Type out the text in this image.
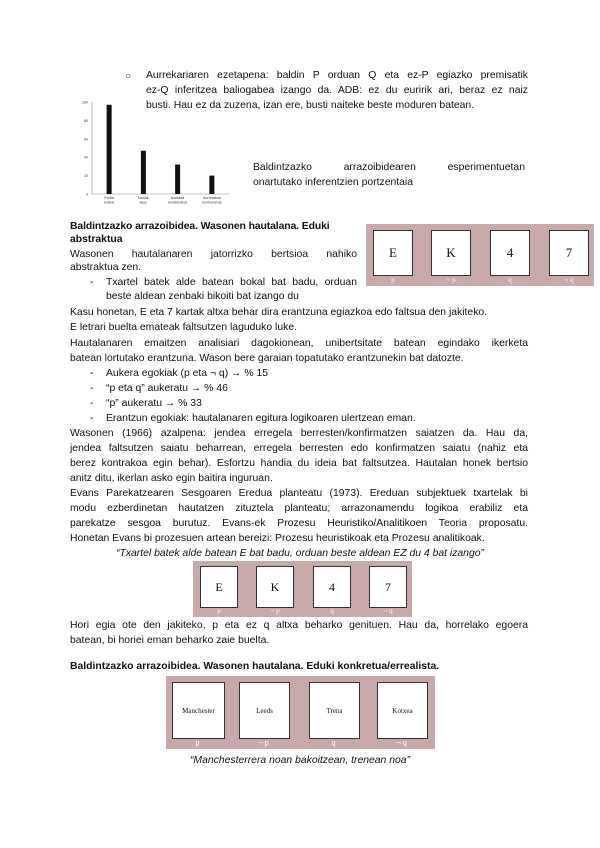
○ Aurrekariaren ezetapena: baldin P orduan Q eta ez-P egiazko premisatik
ez-Q inferitzea baliogabea izango da. ADB: ez du euririk ari, beraz ez naiz
busti. Hau ez da zuzena, izan ere, busti naiteke beste moduren batean.
0
20
40
60
80
100
Proba
erabat
Nahas
kasu
Aurkaria
kontsenzioa
Aurrerakoa
kontzenzioa
Baldintzazko arrazoibidearen esperimentuetan
onartutako inferentzien portzentaia
Baldintzazko arrazoibidea. Wasonen hautalana. Eduki
abstraktua
Wasonen hautalanaren jatorrizko bertsioa nahiko
abstraktua zen.
- Txartel batek alde batean bokal bat badu, orduan
beste aldean zenbaki bikoiti bat izango du
E	K	4	7
p	¬ p	q	¬ q
Kasu honetan, E eta 7 kartak altxa behar dira erantzuna egiazkoa edo faltsua den jakiteko.
E letrari buelta emateak faltsutzen laguduko luke.
Hautalanaren emaitzen analisiari dagokionean, unibertsitate batean egindako ikerketa
batean lortutako erantzuna. Wason bere garaian topatutako erantzunekin bat datozte.
- Aukera egokiak (p eta ¬ q) → % 15
- “p eta q” aukeratu → % 46
- “p” aukeratu → % 33
- Erantzun egokiak: hautalanaren egitura logikoaren ulertzean eman.
Wasonen (1966) azalpena: jendea erregela berresten/konfirmatzen saiatzen da. Hau da,
jendea faltsutzen saiatu beharrean, erregela berresten edo konfirmatzen saiatu (nahiz eta
berez kontrakoa egin behar). Esfortzu handia du ideia bat faltsutzea. Hautalan honek bertsio
anitz ditu, ikerlan asko egin baitira inguruan.
Evans Parekatzearen Sesgoaren Eredua planteatu (1973). Ereduan subjektuek txartelak bi
modu ezberdinetan hautatzen zituztela planteatu; arrazonamendu logikoa erabiliz eta
parekatze sesgoa burutuz. Evans-ek Prozesu Heuristiko/Analitikoen Teoria proposatu.
Honetan Evans bi prozesuen artean bereizi: Prozesu heuristikoak eta Prozesu analitikoak.
“Txartel batek alde batean E bat badu, orduan beste aldean EZ du 4 bat izango”
E	K	4	7
p	¬ p	q	¬ q
Hori egia ote den jakiteko, p eta ez q altxa beharko genituen. Hau da, horrelako egoera
batean, bi horiei eman beharko zaie buelta.
Baldintzazko arrazoibidea. Wasonen hautalana. Eduki konkretua/errealista.
Manchester	Leeds	Trena	Kotxea
p	¬ p	q	¬ q
“Manchesterrera noan bakoitzean, trenean noa”
